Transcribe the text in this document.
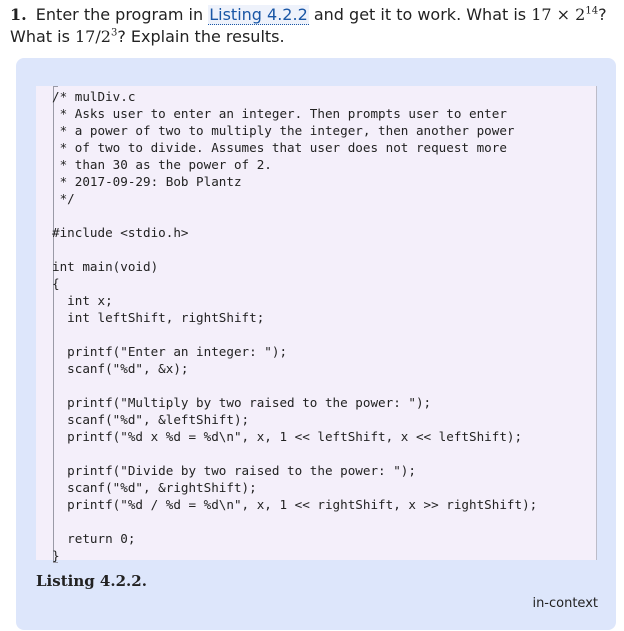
1. Enter the program in Listing 4.2.2 and get it to work. What is $17 \times 2^{14}$? What is $17/2^3$? Explain the results.
/* mulDiv.c
* Asks user to enter an integer. Then prompts user to enter
* a power of two to multiply the integer, then another power
* of two to divide. Assumes that user does not request more
* than 30 as the power of 2.
* 2017-09-29: Bob Plantz
*/

#include <stdio.h>

int main(void)
{
int x;
int leftShift, rightShift;

printf("Enter an integer: ");
scanf("%d", &x);

printf("Multiply by two raised to the power: ");
scanf("%d", &leftShift);
printf("%d x %d = %d\n", x, 1 << leftShift, x << leftShift);

printf("Divide by two raised to the power: ");
scanf("%d", &rightShift);
printf("%d / %d = %d\n", x, 1 << rightShift, x >> rightShift);

return 0;
}
Listing 4.2.2.
in-context
